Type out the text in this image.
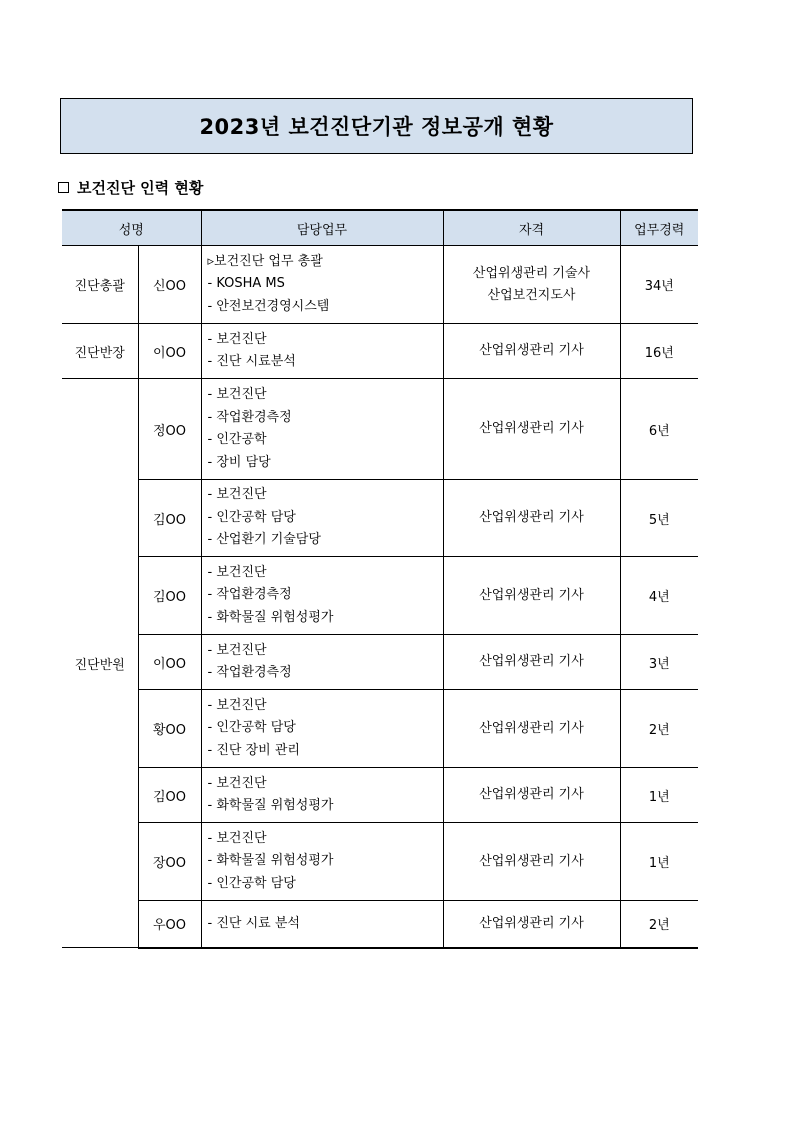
2023년 보건진단기관 정보공개 현황
보건진단 인력 현황
성명		담당업무	자격	업무경력
진단총괄	신OO	▹보건진단 업무 총괄
- KOSHA MS
- 안전보건경영시스템	산업위생관리 기술사
산업보건지도사	34년
진단반장	이OO	- 보건진단
- 진단 시료분석	산업위생관리 기사	16년
진단반원	정OO	- 보건진단
- 작업환경측정
- 인간공학
- 장비 담당	산업위생관리 기사	6년
	김OO	- 보건진단
- 인간공학 담당
- 산업환기 기술담당	산업위생관리 기사	5년
	김OO	- 보건진단
- 작업환경측정
- 화학물질 위험성평가	산업위생관리 기사	4년
	이OO	- 보건진단
- 작업환경측정	산업위생관리 기사	3년
	황OO	- 보건진단
- 인간공학 담당
- 진단 장비 관리	산업위생관리 기사	2년
	김OO	- 보건진단
- 화학물질 위험성평가	산업위생관리 기사	1년
	장OO	- 보건진단
- 화학물질 위험성평가
- 인간공학 담당	산업위생관리 기사	1년
	우OO	- 진단 시료 분석	산업위생관리 기사	2년
